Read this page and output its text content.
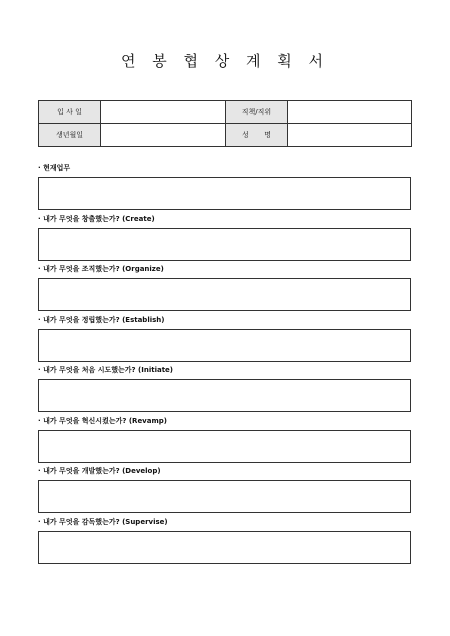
연 봉 협 상 계 획 서
입 사 일		직책/직위	
생년월일		성       명	
· 현재업무
· 내가 무엇을 창출했는가? (Create)
· 내가 무엇을 조직했는가? (Organize)
· 내가 무엇을 정립했는가? (Establish)
· 내가 무엇을 처음 시도했는가? (Initiate)
· 내가 무엇을 혁신시켰는가? (Revamp)
· 내가 무엇을 개발했는가? (Develop)
· 내가 무엇을 감독했는가? (Supervise)
